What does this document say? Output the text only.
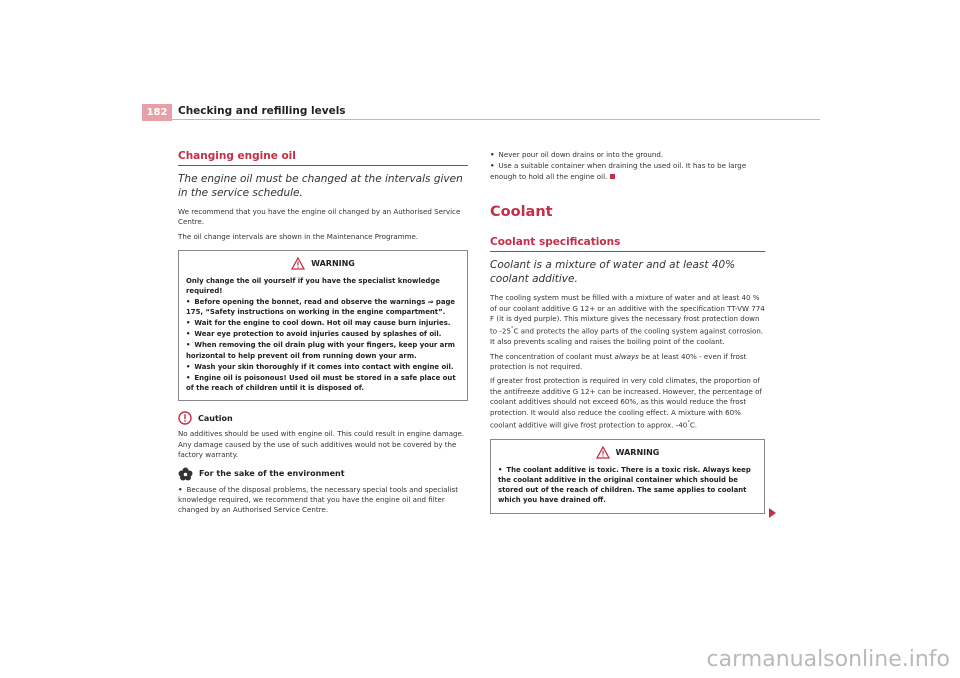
182	Checking and refilling levels
Changing engine oil
The engine oil must be changed at the intervals given in the service schedule.

We recommend that you have the engine oil changed by an Authorised Service Centre.

The oil change intervals are shown in the Maintenance Programme.

WARNING
Only change the oil yourself if you have the specialist knowledge required!
• Before opening the bonnet, read and observe the warnings ⇒ page 175, “Safety instructions on working in the engine compartment”.
• Wait for the engine to cool down. Hot oil may cause burn injuries.
• Wear eye protection to avoid injuries caused by splashes of oil.
• When removing the oil drain plug with your fingers, keep your arm horizontal to help prevent oil from running down your arm.
• Wash your skin thoroughly if it comes into contact with engine oil.
• Engine oil is poisonous! Used oil must be stored in a safe place out of the reach of children until it is disposed of.
Caution

No additives should be used with engine oil. This could result in engine damage. Any damage caused by the use of such additives would not be covered by the factory warranty.

For the sake of the environment
• Because of the disposal problems, the necessary special tools and specialist knowledge required, we recommend that you have the engine oil and filter changed by an Authorised Service Centre.
• Never pour oil down drains or into the ground.
• Use a suitable container when draining the used oil. It has to be large enough to hold all the engine oil.
Coolant
Coolant specifications
Coolant is a mixture of water and at least 40% coolant additive.

The cooling system must be filled with a mixture of water and at least 40 % of our coolant additive G 12+ or an additive with the specification TT-VW 774 F (it is dyed purple). This mixture gives the necessary frost protection down to -25°C and protects the alloy parts of the cooling system against corrosion. It also prevents scaling and raises the boiling point of the coolant.

The concentration of coolant must always be at least 40% - even if frost protection is not required.

If greater frost protection is required in very cold climates, the proportion of the antifreeze additive G 12+ can be increased. However, the percentage of coolant additives should not exceed 60%, as this would reduce the frost protection. It would also reduce the cooling effect. A mixture with 60% coolant additive will give frost protection to approx. -40°C.

WARNING
• The coolant additive is toxic. There is a toxic risk. Always keep the coolant additive in the original container which should be stored out of the reach of children. The same applies to coolant which you have drained off.
carmanualsonline.info
